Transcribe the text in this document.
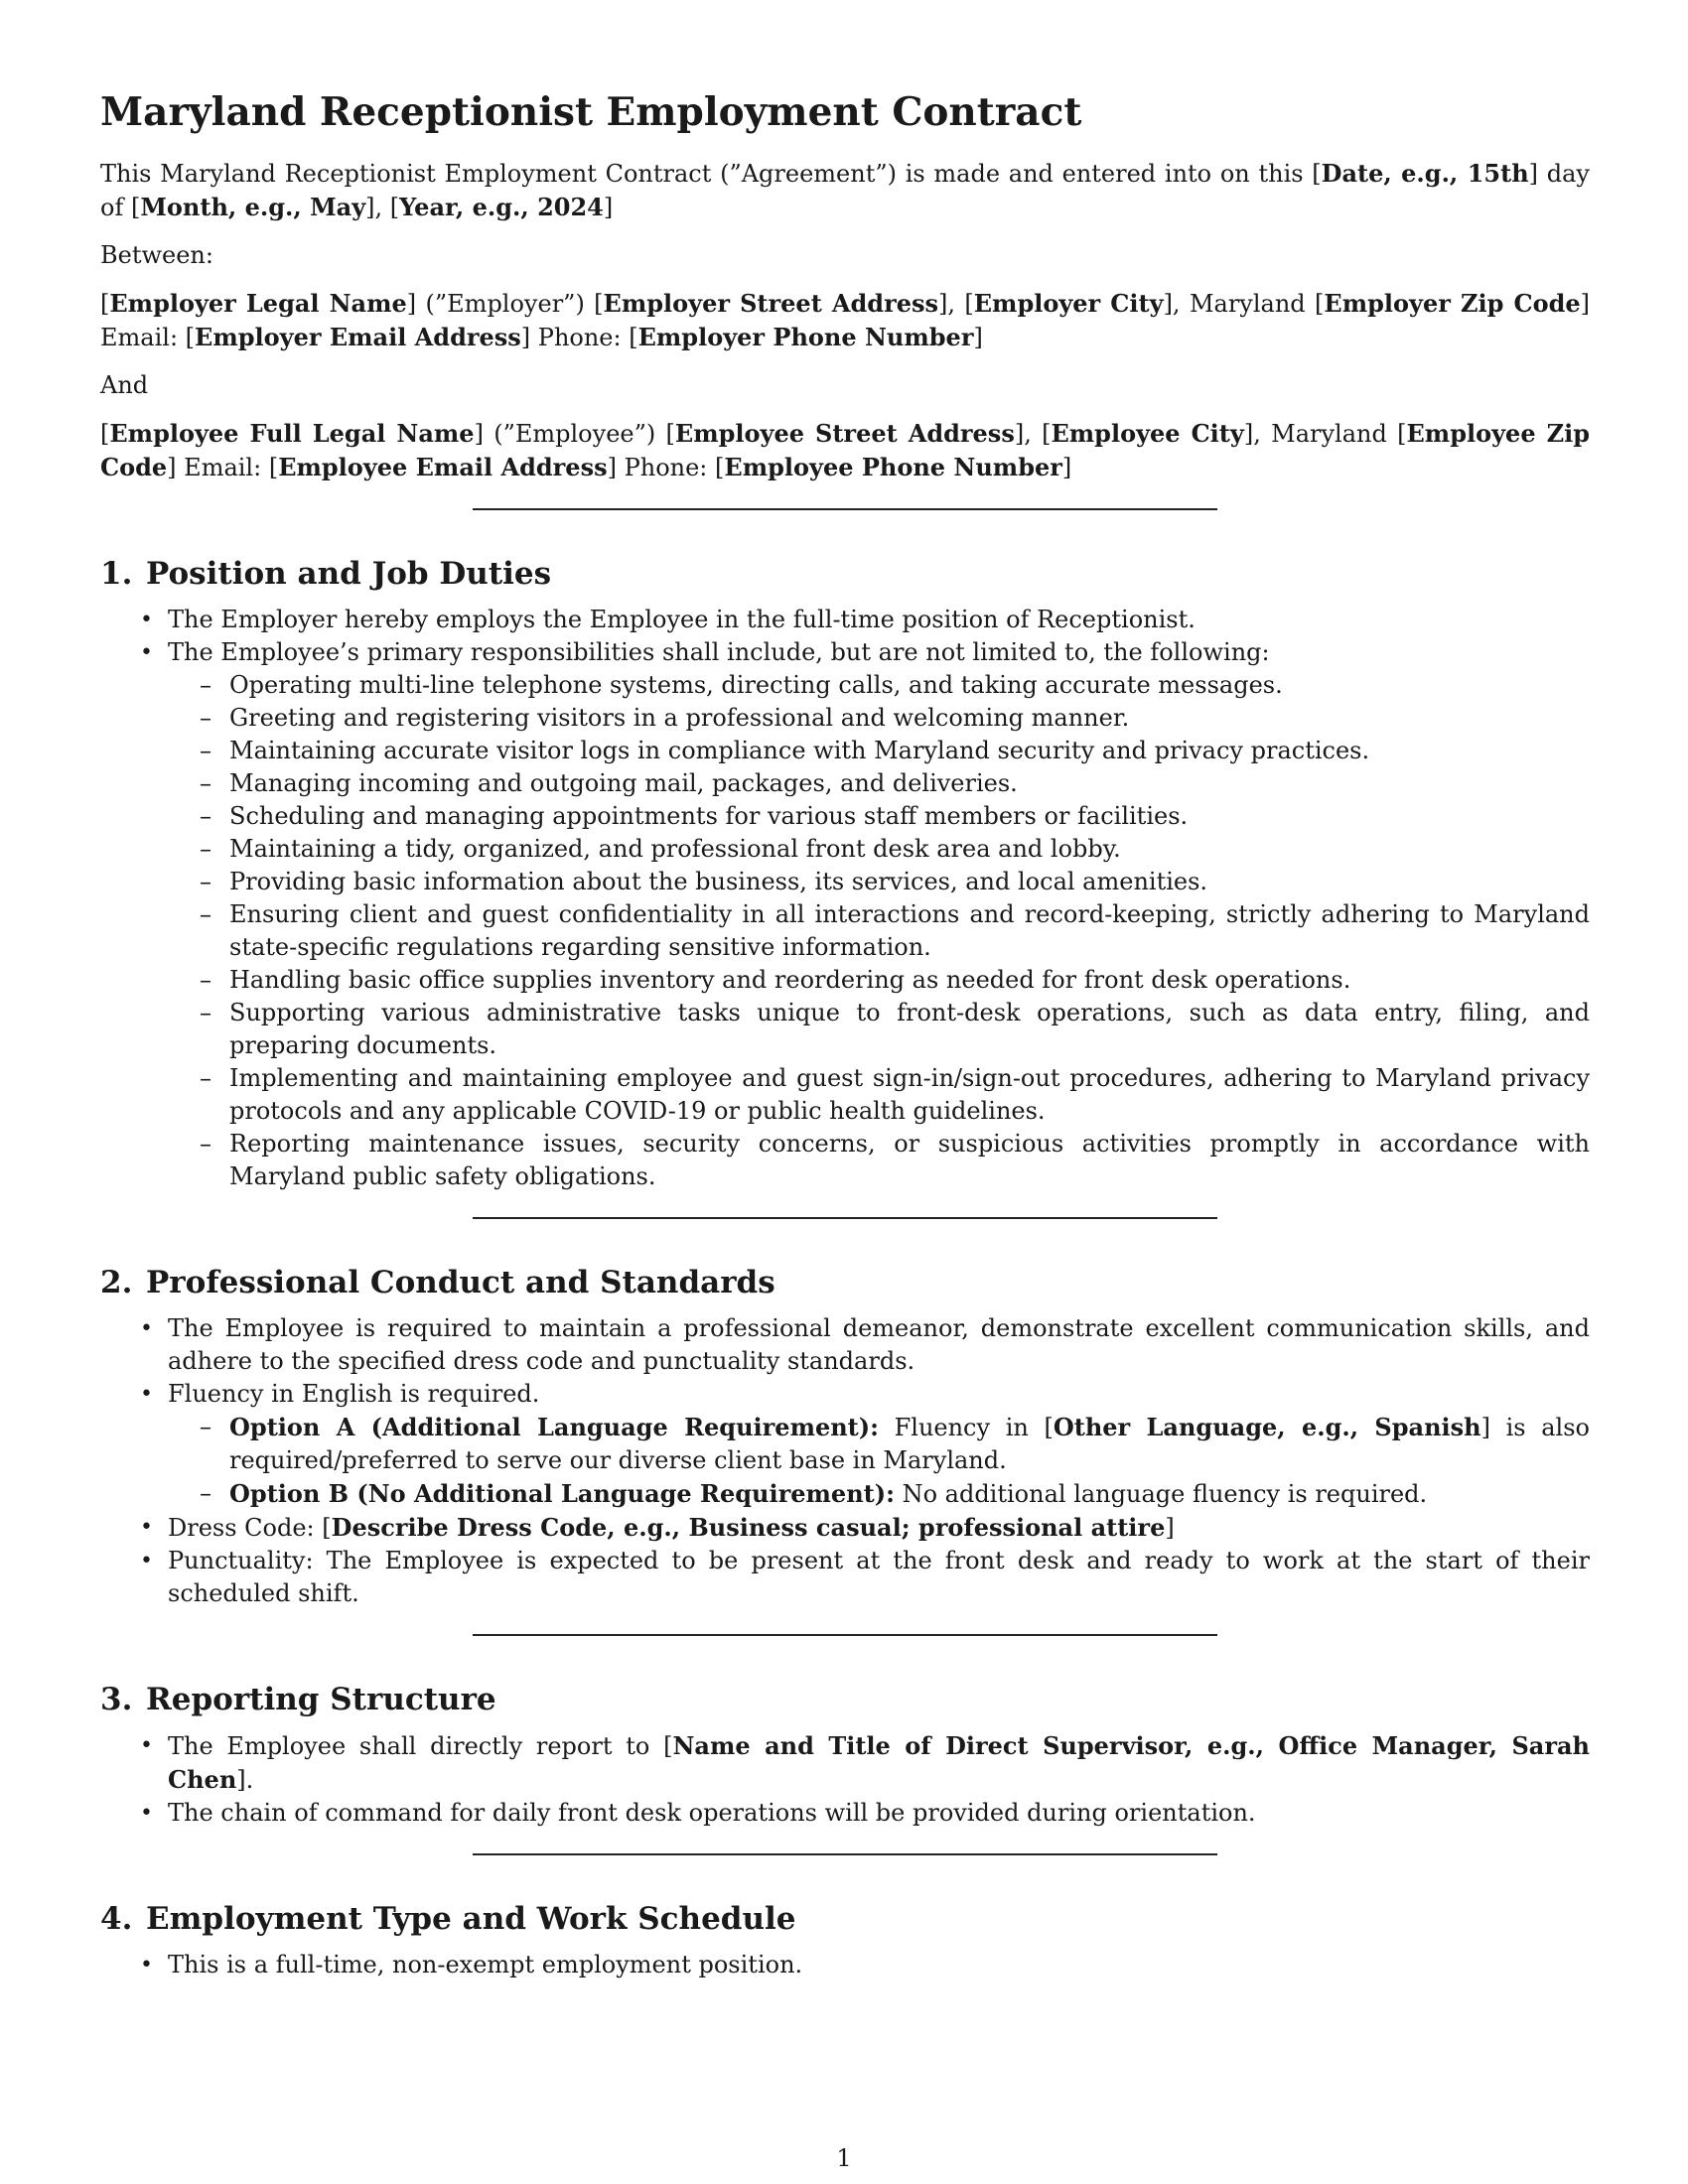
Maryland Receptionist Employment Contract

This Maryland Receptionist Employment Contract (”Agreement”) is made and entered into on this [Date, e.g., 15th] day of [Month, e.g., May], [Year, e.g., 2024]

Between:

[Employer Legal Name] (”Employer”) [Employer Street Address], [Employer City], Maryland [Employer Zip Code] Email: [Employer Email Address] Phone: [Employer Phone Number]

And

[Employee Full Legal Name] (”Employee”) [Employee Street Address], [Employee City], Maryland [Employee Zip Code] Email: [Employee Email Address] Phone: [Employee Phone Number]

1. Position and Job Duties
• The Employer hereby employs the Employee in the full-time position of Receptionist.
• The Employee’s primary responsibilities shall include, but are not limited to, the following:
– Operating multi-line telephone systems, directing calls, and taking accurate messages.
– Greeting and registering visitors in a professional and welcoming manner.
– Maintaining accurate visitor logs in compliance with Maryland security and privacy practices.
– Managing incoming and outgoing mail, packages, and deliveries.
– Scheduling and managing appointments for various staff members or facilities.
– Maintaining a tidy, organized, and professional front desk area and lobby.
– Providing basic information about the business, its services, and local amenities.
– Ensuring client and guest confidentiality in all interactions and record-keeping, strictly adhering to Maryland state-specific regulations regarding sensitive information.
– Handling basic office supplies inventory and reordering as needed for front desk operations.
– Supporting various administrative tasks unique to front-desk operations, such as data entry, filing, and preparing documents.
– Implementing and maintaining employee and guest sign-in/sign-out procedures, adhering to Maryland privacy protocols and any applicable COVID-19 or public health guidelines.
– Reporting maintenance issues, security concerns, or suspicious activities promptly in accordance with Maryland public safety obligations.
2. Professional Conduct and Standards
• The Employee is required to maintain a professional demeanor, demonstrate excellent communication skills, and adhere to the specified dress code and punctuality standards.
• Fluency in English is required.
– Option A (Additional Language Requirement): Fluency in [Other Language, e.g., Spanish] is also required/preferred to serve our diverse client base in Maryland.
– Option B (No Additional Language Requirement): No additional language fluency is required.
• Dress Code: [Describe Dress Code, e.g., Business casual; professional attire]
• Punctuality: The Employee is expected to be present at the front desk and ready to work at the start of their scheduled shift.
3. Reporting Structure
• The Employee shall directly report to [Name and Title of Direct Supervisor, e.g., Office Manager, Sarah Chen].
• The chain of command for daily front desk operations will be provided during orientation.
4. Employment Type and Work Schedule
• This is a full-time, non-exempt employment position.
1
